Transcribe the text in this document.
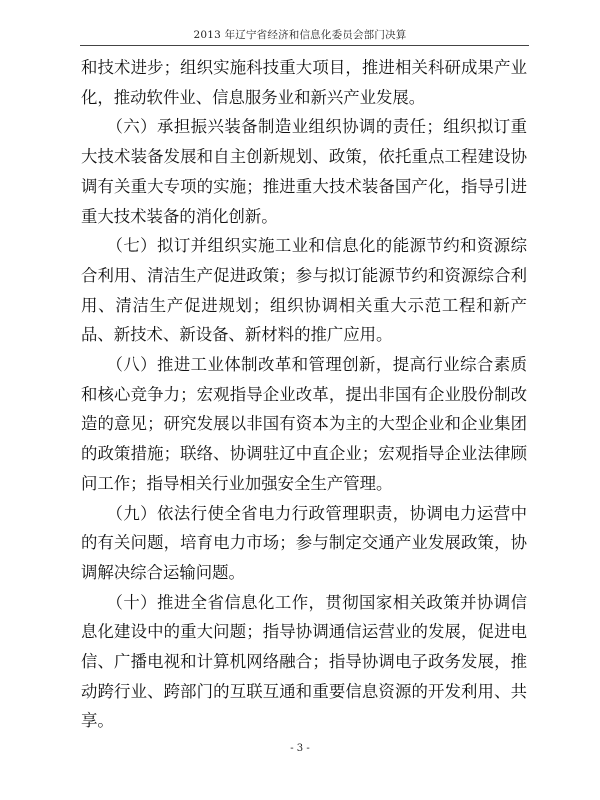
2013 年辽宁省经济和信息化委员会部门决算

和技术进步；组织实施科技重大项目，推进相关科研成果产业化，推动软件业、信息服务业和新兴产业发展。

　　（六）承担振兴装备制造业组织协调的责任；组织拟订重大技术装备发展和自主创新规划、政策，依托重点工程建设协调有关重大专项的实施；推进重大技术装备国产化，指导引进重大技术装备的消化创新。

　　（七）拟订并组织实施工业和信息化的能源节约和资源综合利用、清洁生产促进政策；参与拟订能源节约和资源综合利用、清洁生产促进规划；组织协调相关重大示范工程和新产品、新技术、新设备、新材料的推广应用。

　　（八）推进工业体制改革和管理创新，提高行业综合素质和核心竞争力；宏观指导企业改革，提出非国有企业股份制改造的意见；研究发展以非国有资本为主的大型企业和企业集团的政策措施；联络、协调驻辽中直企业；宏观指导企业法律顾问工作；指导相关行业加强安全生产管理。

　　（九）依法行使全省电力行政管理职责，协调电力运营中的有关问题，培育电力市场；参与制定交通产业发展政策，协调解决综合运输问题。

　　（十）推进全省信息化工作，贯彻国家相关政策并协调信息化建设中的重大问题；指导协调通信运营业的发展，促进电信、广播电视和计算机网络融合；指导协调电子政务发展，推动跨行业、跨部门的互联互通和重要信息资源的开发利用、共享。

- 3 -
